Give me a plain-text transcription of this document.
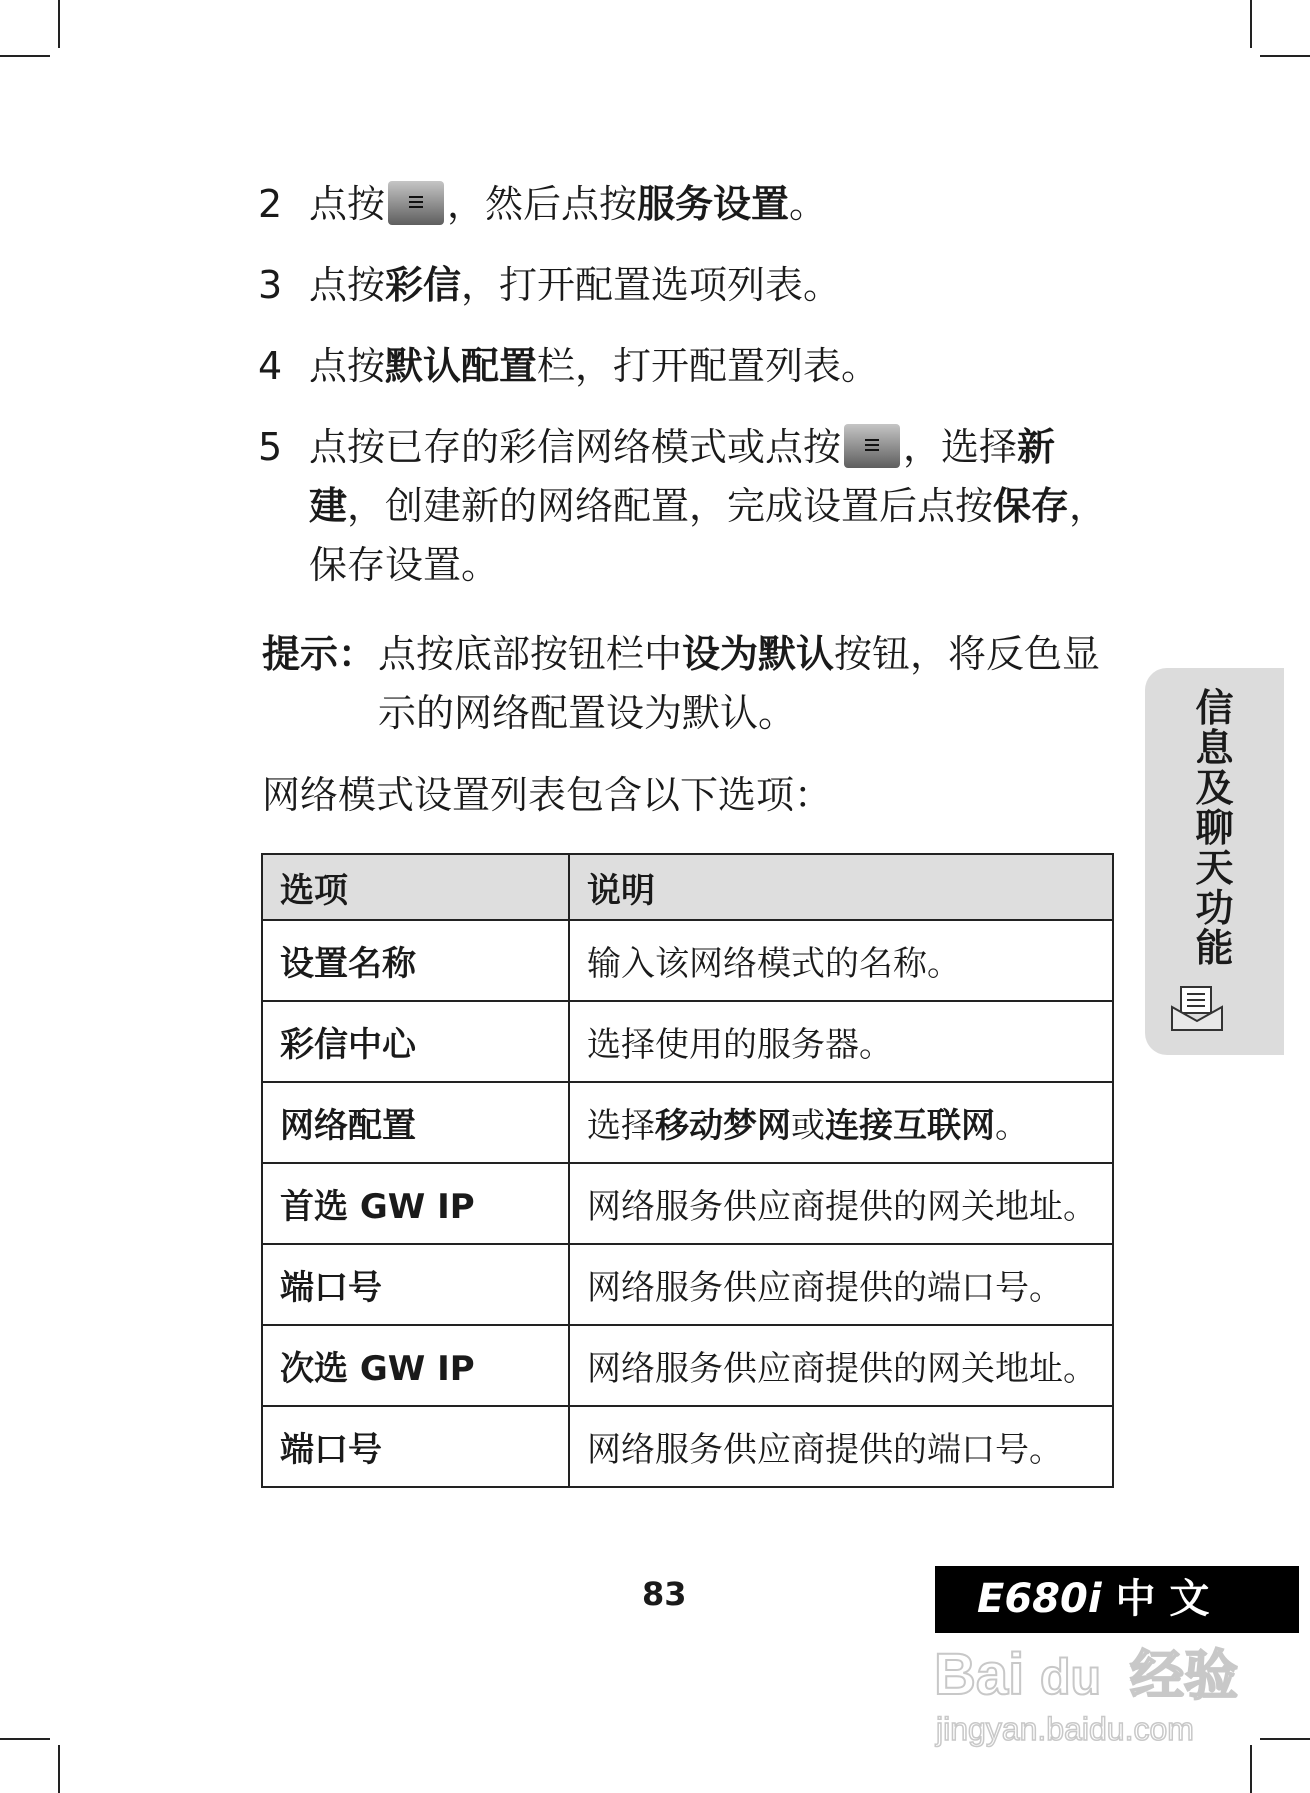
2 点按 ，然后点按服务设置。
3 点按彩信，打开配置选项列表。
4 点按默认配置栏，打开配置列表。
5 点按已存的彩信网络模式或点按 ，选择新建，创建新的网络配置，完成设置后点按保存，保存设置。
提示： 点按底部按钮栏中设为默认按钮，将反色显示的网络配置设为默认。
网络模式设置列表包含以下选项：
选项	说明
设置名称	输入该网络模式的名称。
彩信中心	选择使用的服务器。
网络配置	选择移动梦网或连接互联网。
首选 GW IP	网络服务供应商提供的网关地址。
端口号	网络服务供应商提供的端口号。
次选 GW IP	网络服务供应商提供的网关地址。
端口号	网络服务供应商提供的端口号。
信息及聊天功能
83	E680i 中 文
Bai du 经验
jingyan.baidu.com
